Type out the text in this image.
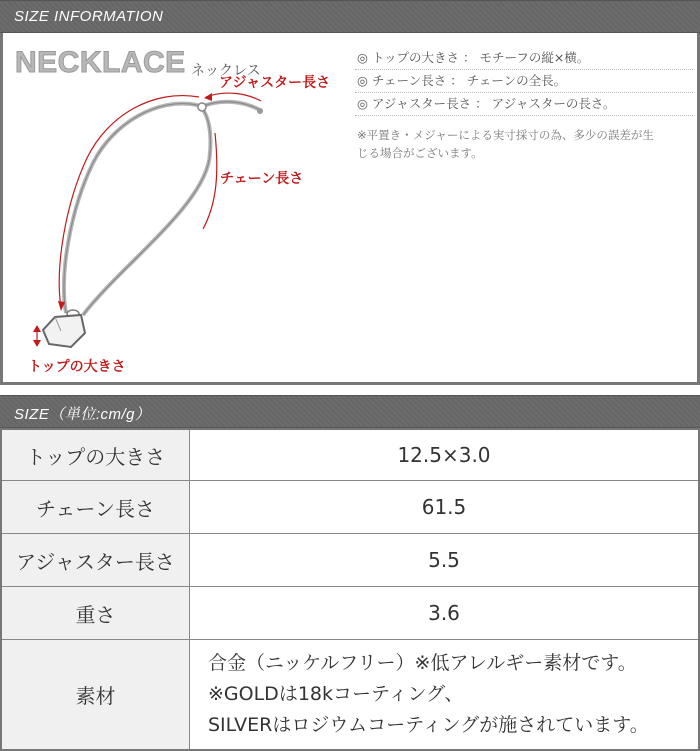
SIZE INFORMATION
NECKLACE ネックレス
アジャスター長さ
チェーン長さ
トップの大きさ
◎ トップの大きさ ： モチーフの縦×横。
◎ チェーン長さ ： チェーンの全長。
◎ アジャスター長さ ： アジャスターの長さ。
※平置き・メジャーによる実寸採寸の為、多少の誤差が生
じる場合がございます。
SIZE（単位:cm/g）
トップの大きさ	12.5×3.0
チェーン長さ	61.5
アジャスター長さ	5.5
重さ	3.6
素材	合金（ニッケルフリー）※低アレルギー素材です。
※GOLDは18kコーティング、
SILVERはロジウムコーティングが施されています。
